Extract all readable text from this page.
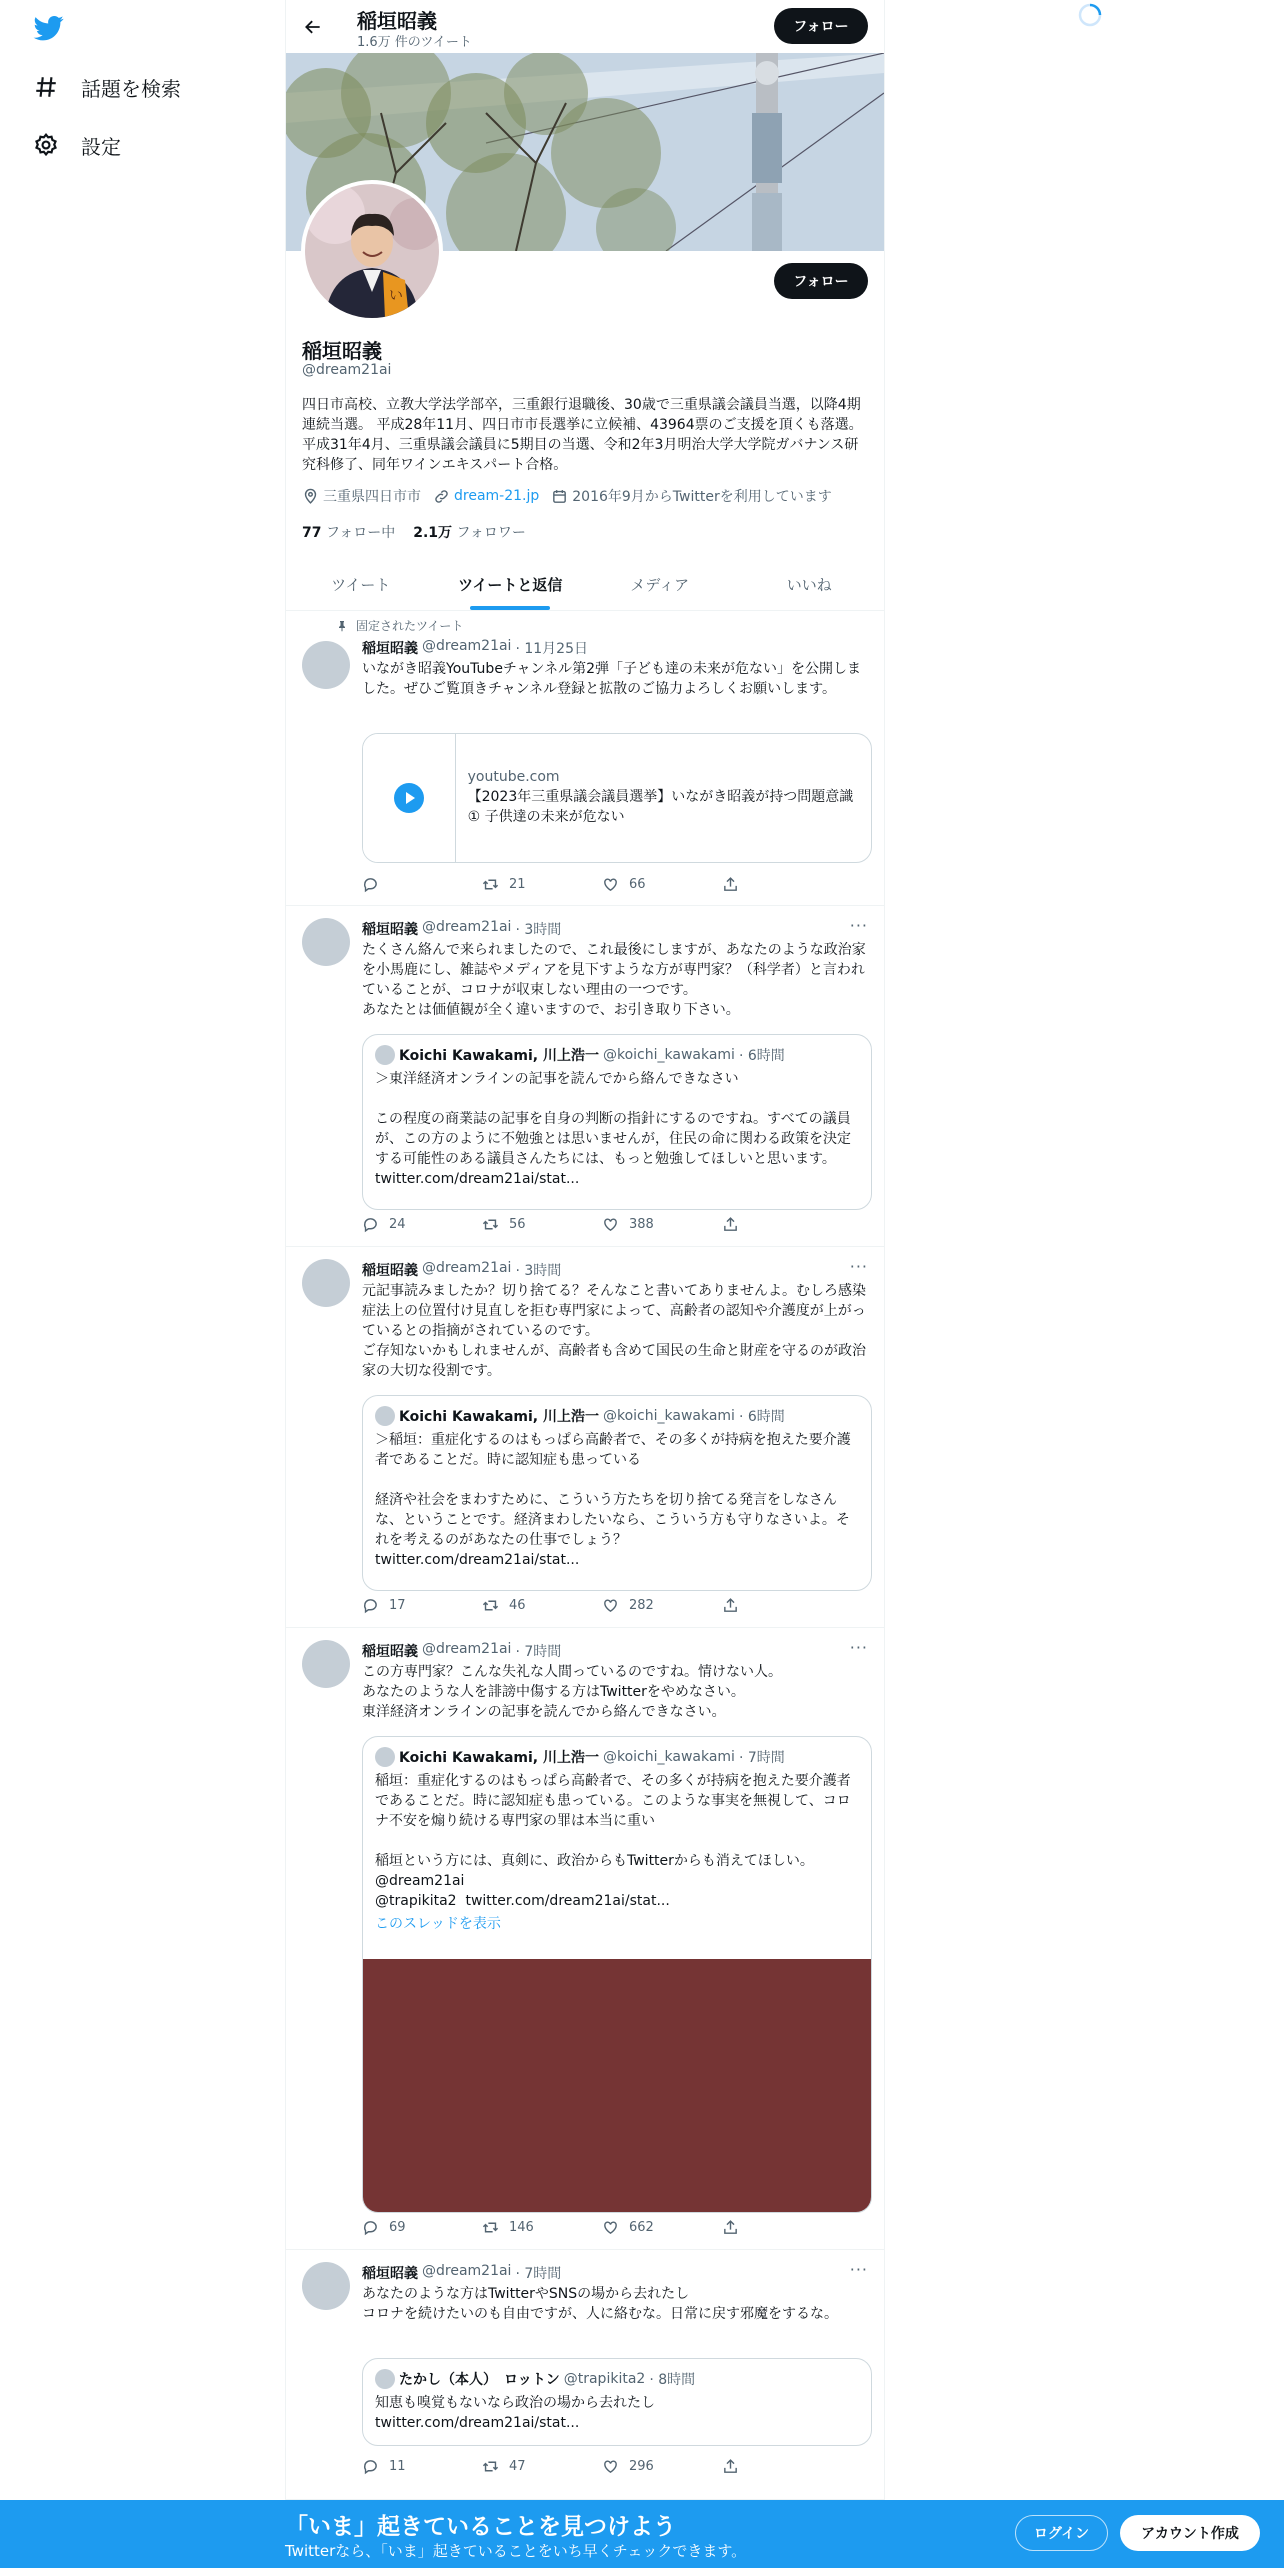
話題を検索
設定
稲垣昭義
1.6万 件のツイート
フォロー
い
フォロー
稲垣昭義
@dream21ai
四日市高校、立教大学法学部卒，三重銀行退職後、30歳で三重県議会議員当選，以降4期連続当選。 平成28年11月、四日市市長選挙に立候補、43964票のご支援を頂くも落選。平成31年4月、三重県議会議員に5期目の当選、令和2年3月明治大学大学院ガバナンス研究科修了、同年ワインエキスパート合格。
三重県四日市市 dream-21.jp 2016年9月からTwitterを利用しています
77 フォロー中 2.1万 フォロワー
ツイート	ツイートと返信	メディア	いいね
固定されたツイート
稲垣昭義 @dream21ai · 11月25日
いながき昭義YouTubeチャンネル第2弾「子ども達の未来が危ない」を公開しました。ぜひご覧頂きチャンネル登録と拡散のご協力よろしくお願いします。
youtube.com
【2023年三重県議会議員選挙】いながき昭義が持つ問題意識① 子供達の未来が危ない
21	66
稲垣昭義 @dream21ai · 3時間	···
たくさん絡んで来られましたので、これ最後にしますが、あなたのような政治家を小馬鹿にし、雑誌やメディアを見下すような方が専門家？（科学者）と言われていることが、コロナが収束しない理由の一つです。
あなたとは価値観が全く違いますので、お引き取り下さい。
Koichi Kawakami, 川上浩一 @koichi_kawakami · 6時間
＞東洋経済オンラインの記事を読んでから絡んできなさい

この程度の商業誌の記事を自身の判断の指針にするのですね。すべての議員が、この方のように不勉強とは思いませんが，住民の命に関わる政策を決定する可能性のある議員さんたちには、もっと勉強してほしいと思います。 twitter.com/dream21ai/stat...
24	56	388
稲垣昭義 @dream21ai · 3時間	···
元記事読みましたか？切り捨てる？そんなこと書いてありませんよ。むしろ感染症法上の位置付け見直しを拒む専門家によって、高齢者の認知や介護度が上がっているとの指摘がされているのです。
ご存知ないかもしれませんが、高齢者も含めて国民の生命と財産を守るのが政治家の大切な役割です。
Koichi Kawakami, 川上浩一 @koichi_kawakami · 6時間
＞稲垣：重症化するのはもっぱら高齢者で、その多くが持病を抱えた要介護者であることだ。時に認知症も患っている

経済や社会をまわすために、こういう方たちを切り捨てる発言をしなさんな、ということです。経済まわしたいなら、こういう方も守りなさいよ。それを考えるのがあなたの仕事でしょう？
twitter.com/dream21ai/stat...
17	46	282
稲垣昭義 @dream21ai · 7時間	···
この方専門家？こんな失礼な人間っているのですね。情けない人。
あなたのような人を誹謗中傷する方はTwitterをやめなさい。
東洋経済オンラインの記事を読んでから絡んできなさい。
Koichi Kawakami, 川上浩一 @koichi_kawakami · 7時間
稲垣：重症化するのはもっぱら高齢者で、その多くが持病を抱えた要介護者であることだ。時に認知症も患っている。このような事実を無視して、コロナ不安を煽り続ける専門家の罪は本当に重い

稲垣という方には、真剣に、政治からもTwitterからも消えてほしい。
@dream21ai
@trapikita2  twitter.com/dream21ai/stat...
このスレッドを表示
69	146	662
稲垣昭義 @dream21ai · 7時間	···
あなたのような方はTwitterやSNSの場から去れたし
コロナを続けたいのも自由ですが、人に絡むな。日常に戻す邪魔をするな。
たかし（本人）　ロットン @trapikita2 · 8時間
知恵も嗅覚もないなら政治の場から去れたし
twitter.com/dream21ai/stat...
11	47	296
「いま」起きていることを見つけよう
Twitterなら、「いま」起きていることをいち早くチェックできます。
ログイン	アカウント作成
